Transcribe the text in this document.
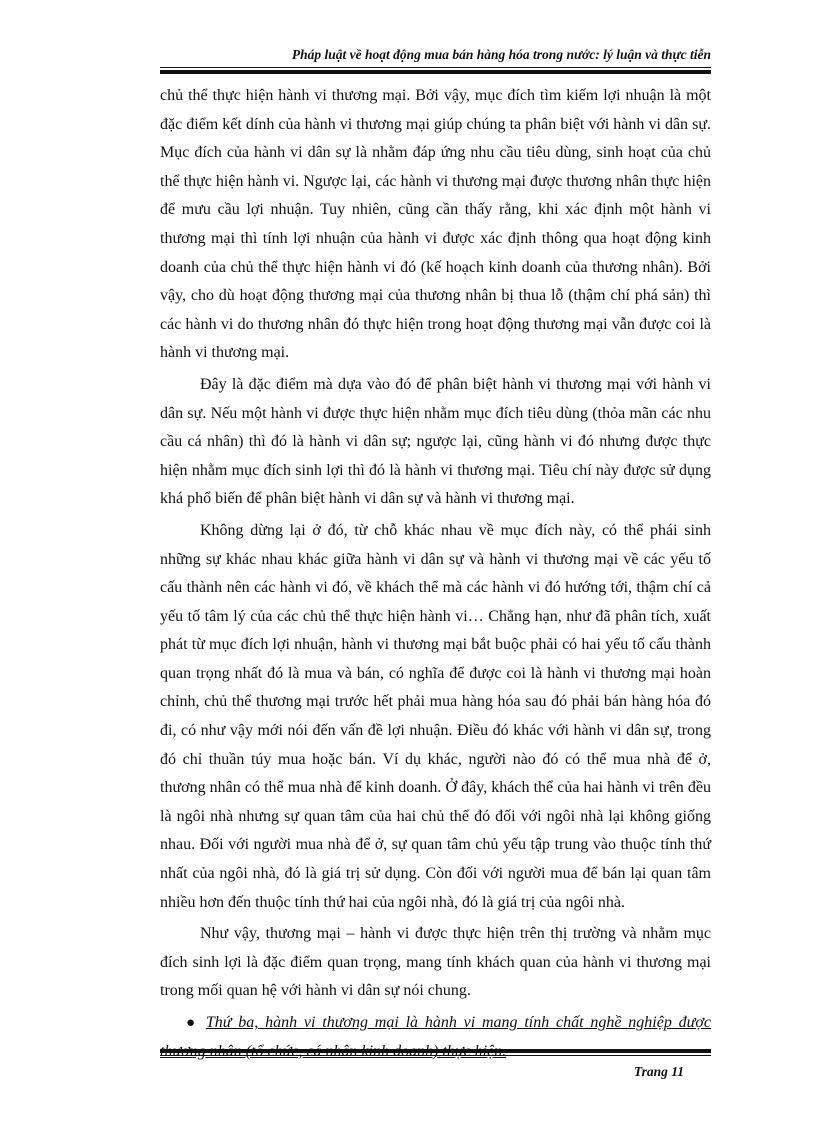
Pháp luật về hoạt động mua bán hàng hóa trong nước: lý luận và thực tiễn

chủ thể thực hiện hành vi thương mại. Bởi vậy, mục đích tìm kiếm lợi nhuận là một đặc điểm kết dính của hành vi thương mại giúp chúng ta phân biệt với hành vi dân sự. Mục đích của hành vi dân sự là nhằm đáp ứng nhu cầu tiêu dùng, sinh hoạt của chủ thể thực hiện hành vi. Ngược lại, các hành vi thương mại được thương nhân thực hiện để mưu cầu lợi nhuận. Tuy nhiên, cũng cần thấy rằng, khi xác định một hành vi thương mại thì tính lợi nhuận của hành vi được xác định thông qua hoạt động kinh doanh của chủ thể thực hiện hành vi đó (kế hoạch kinh doanh của thương nhân). Bởi vậy, cho dù hoạt động thương mại của thương nhân bị thua lỗ (thậm chí phá sản) thì các hành vi do thương nhân đó thực hiện trong hoạt động thương mại vẫn được coi là hành vi thương mại.

Đây là đặc điểm mà dựa vào đó để phân biệt hành vi thương mại với hành vi dân sự. Nếu một hành vi được thực hiện nhằm mục đích tiêu dùng (thỏa mãn các nhu cầu cá nhân) thì đó là hành vi dân sự; ngược lại, cũng hành vi đó nhưng được thực hiện nhằm mục đích sinh lợi thì đó là hành vi thương mại. Tiêu chí này được sử dụng khá phổ biến để phân biệt hành vi dân sự và hành vi thương mại.

Không dừng lại ở đó, từ chỗ khác nhau về mục đích này, có thể phái sinh những sự khác nhau khác giữa hành vi dân sự và hành vi thương mại về các yếu tố cấu thành nên các hành vi đó, về khách thể mà các hành vi đó hướng tới, thậm chí cả yếu tố tâm lý của các chủ thể thực hiện hành vi… Chẳng hạn, như đã phân tích, xuất phát từ mục đích lợi nhuận, hành vi thương mại bắt buộc phải có hai yếu tố cấu thành quan trọng nhất đó là mua và bán, có nghĩa để được coi là hành vi thương mại hoàn chỉnh, chủ thể thương mại trước hết phải mua hàng hóa sau đó phải bán hàng hóa đó đi, có như vậy mới nói đến vấn đề lợi nhuận. Điều đó khác với hành vi dân sự, trong đó chỉ thuần túy mua hoặc bán. Ví dụ khác, người nào đó có thể mua nhà để ở, thương nhân có thể mua nhà để kinh doanh. Ở đây, khách thể của hai hành vi trên đều là ngôi nhà nhưng sự quan tâm của hai chủ thể đó đối với ngôi nhà lại không giống nhau. Đối với người mua nhà để ở, sự quan tâm chủ yếu tập trung vào thuộc tính thứ nhất của ngôi nhà, đó là giá trị sử dụng. Còn đối với người mua để bán lại quan tâm nhiều hơn đến thuộc tính thứ hai của ngôi nhà, đó là giá trị của ngôi nhà.

Như vậy, thương mại – hành vi được thực hiện trên thị trường và nhằm mục đích sinh lợi là đặc điểm quan trọng, mang tính khách quan của hành vi thương mại trong mối quan hệ với hành vi dân sự nói chung.

● Thứ ba, hành vi thương mại là hành vi mang tính chất nghề nghiệp được

Trang 11
